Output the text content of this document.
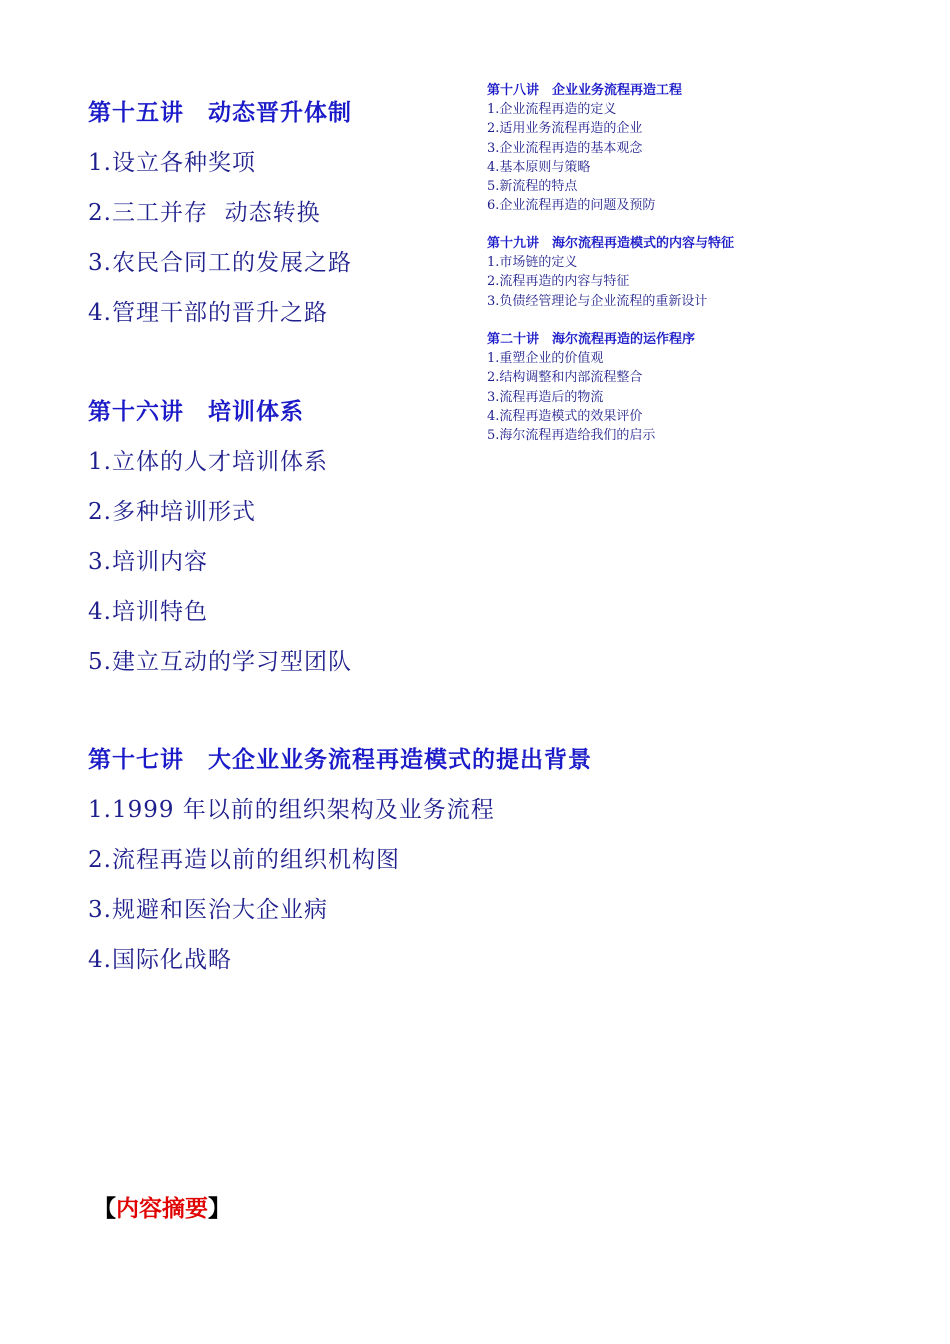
第十五讲　动态晋升体制

1.设立各种奖项

2.三工并存  动态转换

3.农民合同工的发展之路

4.管理干部的晋升之路

第十六讲　培训体系

1.立体的人才培训体系

2.多种培训形式

3.培训内容

4.培训特色

5.建立互动的学习型团队

第十七讲　大企业业务流程再造模式的提出背景

1.1999 年以前的组织架构及业务流程

2.流程再造以前的组织机构图

3.规避和医治大企业病

4.国际化战略

第十八讲　企业业务流程再造工程

1.企业流程再造的定义

2.适用业务流程再造的企业

3.企业流程再造的基本观念

4.基本原则与策略

5.新流程的特点

6.企业流程再造的问题及预防

第十九讲　海尔流程再造模式的内容与特征

1.市场链的定义

2.流程再造的内容与特征

3.负债经管理论与企业流程的重新设计

第二十讲　海尔流程再造的运作程序

1.重塑企业的价值观

2.结构调整和内部流程整合

3.流程再造后的物流

4.流程再造模式的效果评价

5.海尔流程再造给我们的启示

【内容摘要】
